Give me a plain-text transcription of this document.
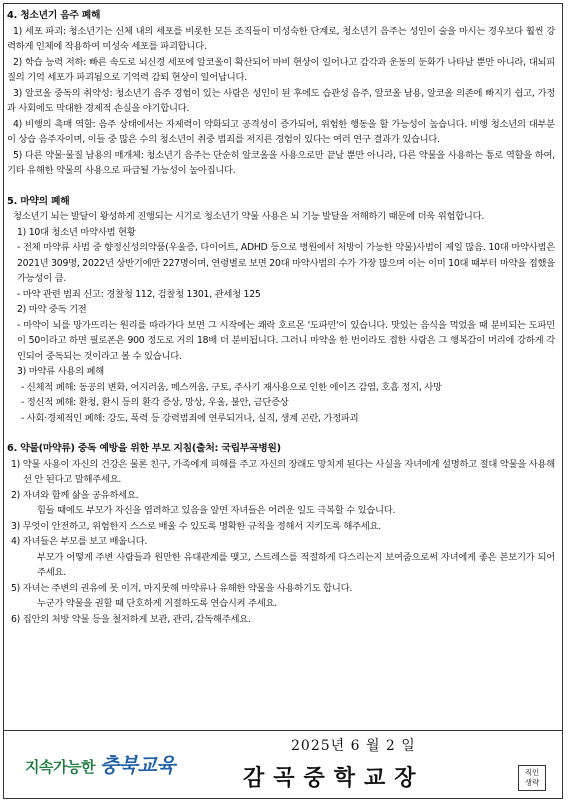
4. 청소년기 음주 폐해

1) 세포 파괴: 청소년기는 신체 내의 세포를 비롯한 모든 조직들이 미성숙한 단계로, 청소년기 음주는 성인이 술을 마시는 경우보다 훨씬 강력하게 인체에 작용하여 미성숙 세포를 파괴합니다.

2) 학습 능력 저하: 빠른 속도로 뇌신경 세포에 알코올이 확산되어 마비 현상이 일어나고 감각과 운동의 둔화가 나타날 뿐만 아니라, 대뇌피질의 기억 세포가 파괴됨으로 기억력 감퇴 현상이 일어납니다.

3) 알코올 중독의 취약성: 청소년기 음주 경험이 있는 사람은 성인이 된 후에도 습관성 음주, 알코올 남용, 알코올 의존에 빠지기 쉽고, 가정과 사회에도 막대한 경제적 손실을 야기합니다.

4) 비행의 촉매 역할: 음주 상태에서는 자제력이 약화되고 공격성이 증가되어, 위험한 행동을 할 가능성이 높습니다. 비행 청소년의 대부분이 상습 음주자이며, 이들 중 많은 수의 청소년이 취중 범죄를 저지른 경험이 있다는 여러 연구 결과가 있습니다.

5) 다른 약물·물질 남용의 매개체: 청소년기 음주는 단순히 알코올을 사용으로만 끝날 뿐만 아니라, 다른 약물을 사용하는 통로 역할을 하여, 기타 유해한 약물의 사용으로 파급될 가능성이 높아집니다.

5. 마약의 폐해

청소년기 뇌는 발달이 왕성하게 진행되는 시기로 청소년기 약물 사용은 뇌 기능 발달을 저해하기 때문에 더욱 위험합니다.

1) 10대 청소년 마약사범 현황

- 전체 마약류 사범 중 향정신성의약품(우울증, 다이어트, ADHD 등으로 병원에서 처방이 가능한 약물)사범이 제일 많음. 10대 마약사범은 2021년 309명, 2022년 상반기에만 227명이며, 연령별로 보면 20대 마약사범의 수가 가장 많으며 이는 이미 10대 때부터 마약을 접했을 가능성이 큼.

- 마약 관련 범죄 신고: 경찰청 112, 검찰청 1301, 관세청 125

2) 마약 중독 기전

- 마약이 뇌를 망가뜨리는 원리를 따라가다 보면 그 시작에는 쾌락 호르몬 '도파민'이 있습니다. 맛있는 음식을 먹었을 때 분비되는 도파민이 50이라고 하면 필로폰은 900 정도로 거의 18배 더 분비됩니다. 그러니 마약을 한 번이라도 접한 사람은 그 행복감이 머리에 강하게 각인되어 중독되는 것이라고 볼 수 있습니다.

3) 마약류 사용의 폐해

- 신체적 폐해: 동공의 변화, 어지러움, 메스꺼움, 구토, 주사기 재사용으로 인한 에이즈 감염, 호흡 정지, 사망

- 정신적 폐해: 환청, 환시 등의 환각 증상, 망상, 우울, 불안, 금단증상

- 사회·경제적인 폐해: 강도, 폭력 등 강력범죄에 연루되거나, 실직, 생계 곤란, 가정파괴

6. 약물(마약류) 중독 예방을 위한 부모 지침(출처: 국립부곡병원)

1) 약물 사용이 자신의 건강은 물론 친구, 가족에게 피해를 주고 자신의 장래도 망치게 된다는 사실을 자녀에게 설명하고 절대 약물을 사용해선 안 된다고 말해주세요.

2) 자녀와 함께 삶을 공유하세요.

힘들 때에도 부모가 자신을 염려하고 있음을 알면 자녀들은 어려운 일도 극복할 수 있습니다.

3) 무엇이 안전하고, 위험한지 스스로 배울 수 있도록 명확한 규칙을 정해서 지키도록 해주세요.

4) 자녀들은 부모를 보고 배웁니다.

부모가 어떻게 주변 사람들과 원만한 유대관계를 맺고, 스트레스를 적절하게 다스리는지 보여줌으로써 자녀에게 좋은 본보기가 되어주세요.

5) 자녀는 주변의 권유에 못 이겨, 마지못해 마약류나 유해한 약물을 사용하기도 합니다.

누군가 약물을 권할 때 단호하게 거절하도록 연습시켜 주세요.

6) 집안의 처방 약물 등을 철저하게 보관, 관리, 감독해주세요.

지속가능한 충북교육
2025년 6 월 2 일
감곡중학교장	직인
생략
